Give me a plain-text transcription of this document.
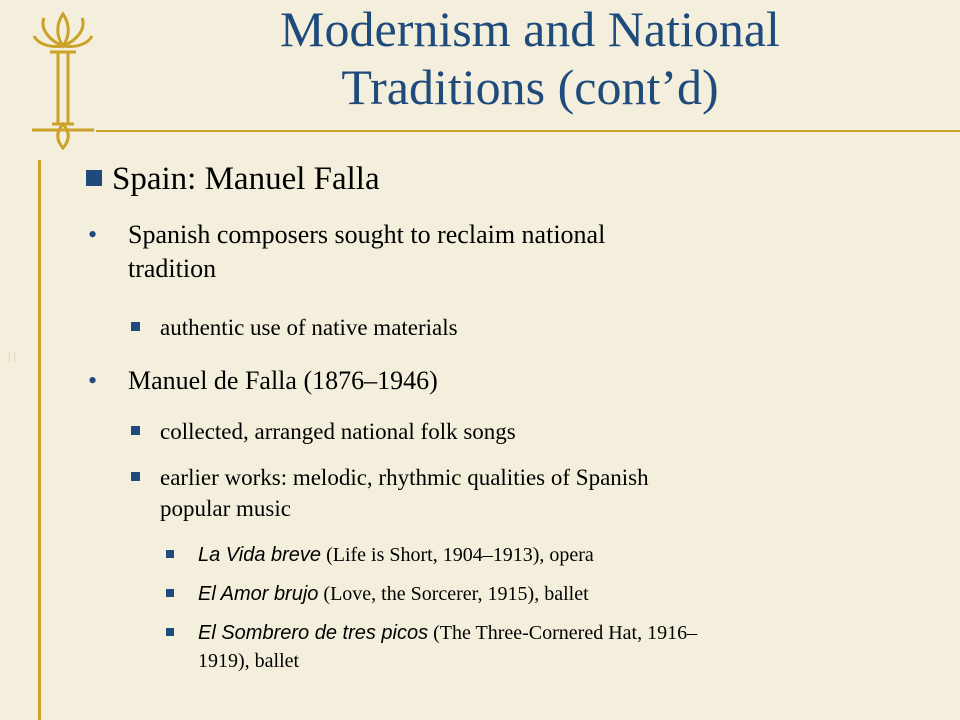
| |
Modernism and National
Traditions (cont’d)
Spain: Manuel Falla
• Spanish composers sought to reclaim national
tradition
authentic use of native materials
• Manuel de Falla (1876–1946)
collected, arranged national folk songs
earlier works: melodic, rhythmic qualities of Spanish
popular music
La Vida breve (Life is Short, 1904–1913), opera
El Amor brujo (Love, the Sorcerer, 1915), ballet
El Sombrero de tres picos (The Three-Cornered Hat, 1916–
1919), ballet
